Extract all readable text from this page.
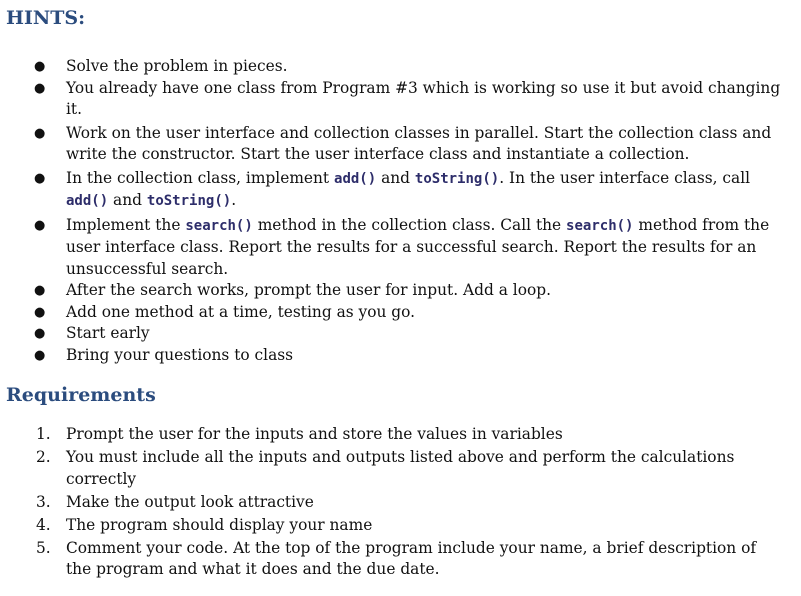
HINTS:
● Solve the problem in pieces.
● You already have one class from Program #3 which is working so use it but avoid changing it.
● Work on the user interface and collection classes in parallel. Start the collection class and write the constructor. Start the user interface class and instantiate a collection.
● In the collection class, implement add() and toString(). In the user interface class, call add() and toString().
● Implement the search() method in the collection class. Call the search() method from the user interface class. Report the results for a successful search. Report the results for an unsuccessful search.
● After the search works, prompt the user for input. Add a loop.
● Add one method at a time, testing as you go.
● Start early
● Bring your questions to class
Requirements
1. Prompt the user for the inputs and store the values in variables
2. You must include all the inputs and outputs listed above and perform the calculations correctly
3. Make the output look attractive
4. The program should display your name
5. Comment your code. At the top of the program include your name, a brief description of the program and what it does and the due date.
